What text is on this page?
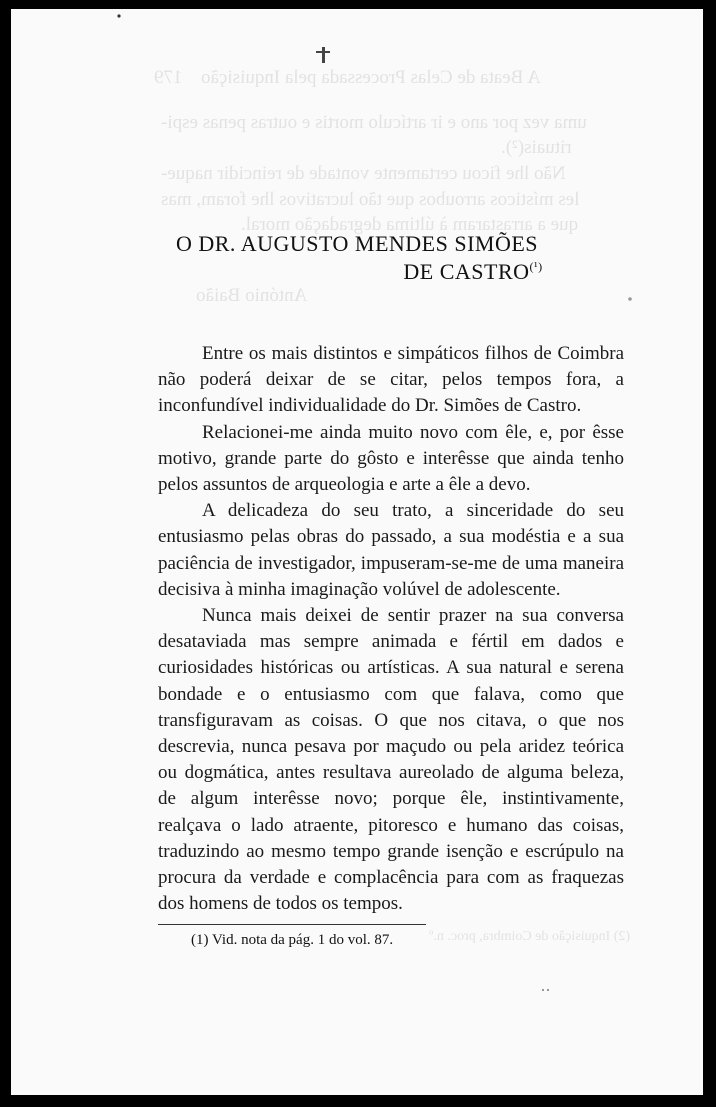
A Beata de Celas Processada pela Inquisição
179
uma vez por ano e ir artículo mortis e outras penas espi-
rituais(²).
Não lhe ficou certamente vontade de reincidir naque-
les místicos arroubos que tão lucrativos lhe foram, mas
que a arrastaram à última degradação moral.
António Baião
(2) Inquisição de Coimbra, proc. n.º
O DR. AUGUSTO MENDES SIMÕES
DE $CASTRO^{(^1)}$

Entre os mais distintos e simpáticos filhos de Coimbra não poderá deixar de se citar, pelos tempos fora, a inconfundível individualidade do Dr. Simões de Castro.

Relacionei-me ainda muito novo com êle, e, por êsse motivo, grande parte do gôsto e interêsse que ainda tenho pelos assuntos de arqueologia e arte a êle a devo.

A delicadeza do seu trato, a sinceridade do seu entusiasmo pelas obras do passado, a sua modéstia e a sua paciência de investigador, impuseram-se-me de uma maneira decisiva à minha imaginação volúvel de adolescente.

Nunca mais deixei de sentir prazer na sua conversa desataviada mas sempre animada e fértil em dados e curiosidades históricas ou artísticas. A sua natural e serena bondade e o entusiasmo com que falava, como que transfiguravam as coisas. O que nos citava, o que nos descrevia, nunca pesava por maçudo ou pela aridez teórica ou dogmática, antes resultava aureolado de alguma beleza, de algum interêsse novo; porque êle, instintivamente, realçava o lado atraente, pitoresco e humano das coisas, traduzindo ao mesmo tempo grande isenção e escrúpulo na procura da verdade e complacência para com as fraquezas dos homens de todos os tempos.

(1) Vid. nota da pág. 1 do vol. 87.
